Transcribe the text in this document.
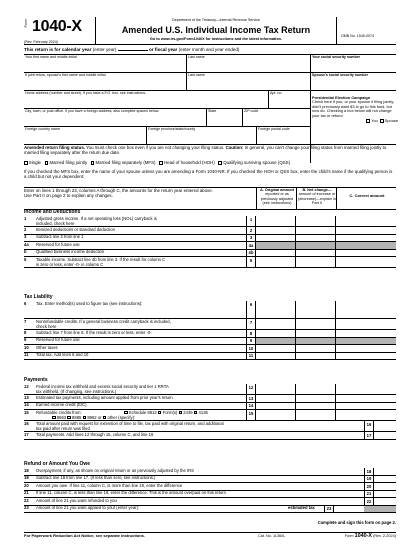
Form 1040-X
(Rev. February 2024)
Department of the Treasury—Internal Revenue Service
Amended U.S. Individual Income Tax Return
Go to www.irs.gov/Form1040X for instructions and the latest information.
OMB No. 1545-0074
This return is for calendar year (enter year)	or fiscal year (enter month and year ended)
Your first name and middle initial	Last name	Your social security number
If joint return, spouse's first name and middle initial	Last name	Spouse's social security number
Home address (number and street). If you have a P.O. box, see instructions.	Apt. no.
City, town, or post office. If you have a foreign address, also complete spaces below.	State	ZIP code
Foreign country name	Foreign province/state/county	Foreign postal code
Presidential Election Campaign
Check here if you, or your spouse if filing jointly, didn't previously want $3 to go to this fund, but now do. Checking a box below will not change your tax or refund.
You Spouse
Amended return filing status. You must check one box even if you are not changing your filing status. Caution: In general, you can't change your filing status from married filing jointly to married filing separately after the return due date.
Single Married filing jointly Married filing separately (MFS) Head of household (HOH) Qualifying surviving spouse (QSS)
If you checked the MFS box, enter the name of your spouse unless you are amending a Form 1040-NR. If you checked the HOH or QSS box, enter the child's name if the qualifying person is a child but not your dependent:
Enter on lines 1 through 23, columns A through C, the amounts for the return year entered above.
Use Part II on page 2 to explain any changes.
A. Original amount
reported or as previously adjusted (see instructions)
B. Net change—
amount of increase or (decrease)—explain in Part II
C. Correct amount
Income and Deductions
1	Adjusted gross income. If a net operating loss (NOL) carryback is
included, check here
1
2	Itemized deductions or standard deduction	2
3	Subtract line 2 from line 1	3
4a	Reserved for future use	4a
b	Qualified business income deduction	4b
5	Taxable income. Subtract line 4b from line 3. If the result for column C
is zero or less, enter -0- in column C
5
Tax Liability
6	Tax. Enter method(s) used to figure tax (see instructions):	6
7	Nonrefundable credits. If a general business credit carryback is included,
check here
7
8	Subtract line 7 from line 6. If the result is zero or less, enter -0-	8
9	Reserved for future use	9
10	Other taxes	10
11	Total tax. Add lines 8 and 10	11
Payments
12	Federal income tax withheld and excess social security and tier 1 RRTA
tax withheld. (If changing, see instructions.)
12
13	Estimated tax payments, including amount applied from prior year's return	13
14	Earned income credit (EIC)	14
15	Refundable credits from:	Schedule 8812 Form(s) 2439 4136
8863 8885 8962 or other (specify):
15
16	Total amount paid with request for extension of time to file, tax paid with original return, and additional
tax paid after return was filed
16
17	Total payments. Add lines 12 through 15, column C, and line 16	17
Refund or Amount You Owe
18	Overpayment, if any, as shown on original return or as previously adjusted by the IRS	18
19	Subtract line 18 from line 17. (If less than zero, see instructions.)	19
20	Amount you owe. If line 11, column C, is more than line 19, enter the difference	20
21	If line 11, column C, is less than line 19, enter the difference. This is the amount overpaid on this return	21
22	Amount of line 21 you want refunded to you	22
23	Amount of line 21 you want applied to your (enter year):	estimated tax	23
Complete and sign this form on page 2.
For Paperwork Reduction Act Notice, see separate instructions.	Cat. No. 11360L	Form 1040-X (Rev. 2-2024)
